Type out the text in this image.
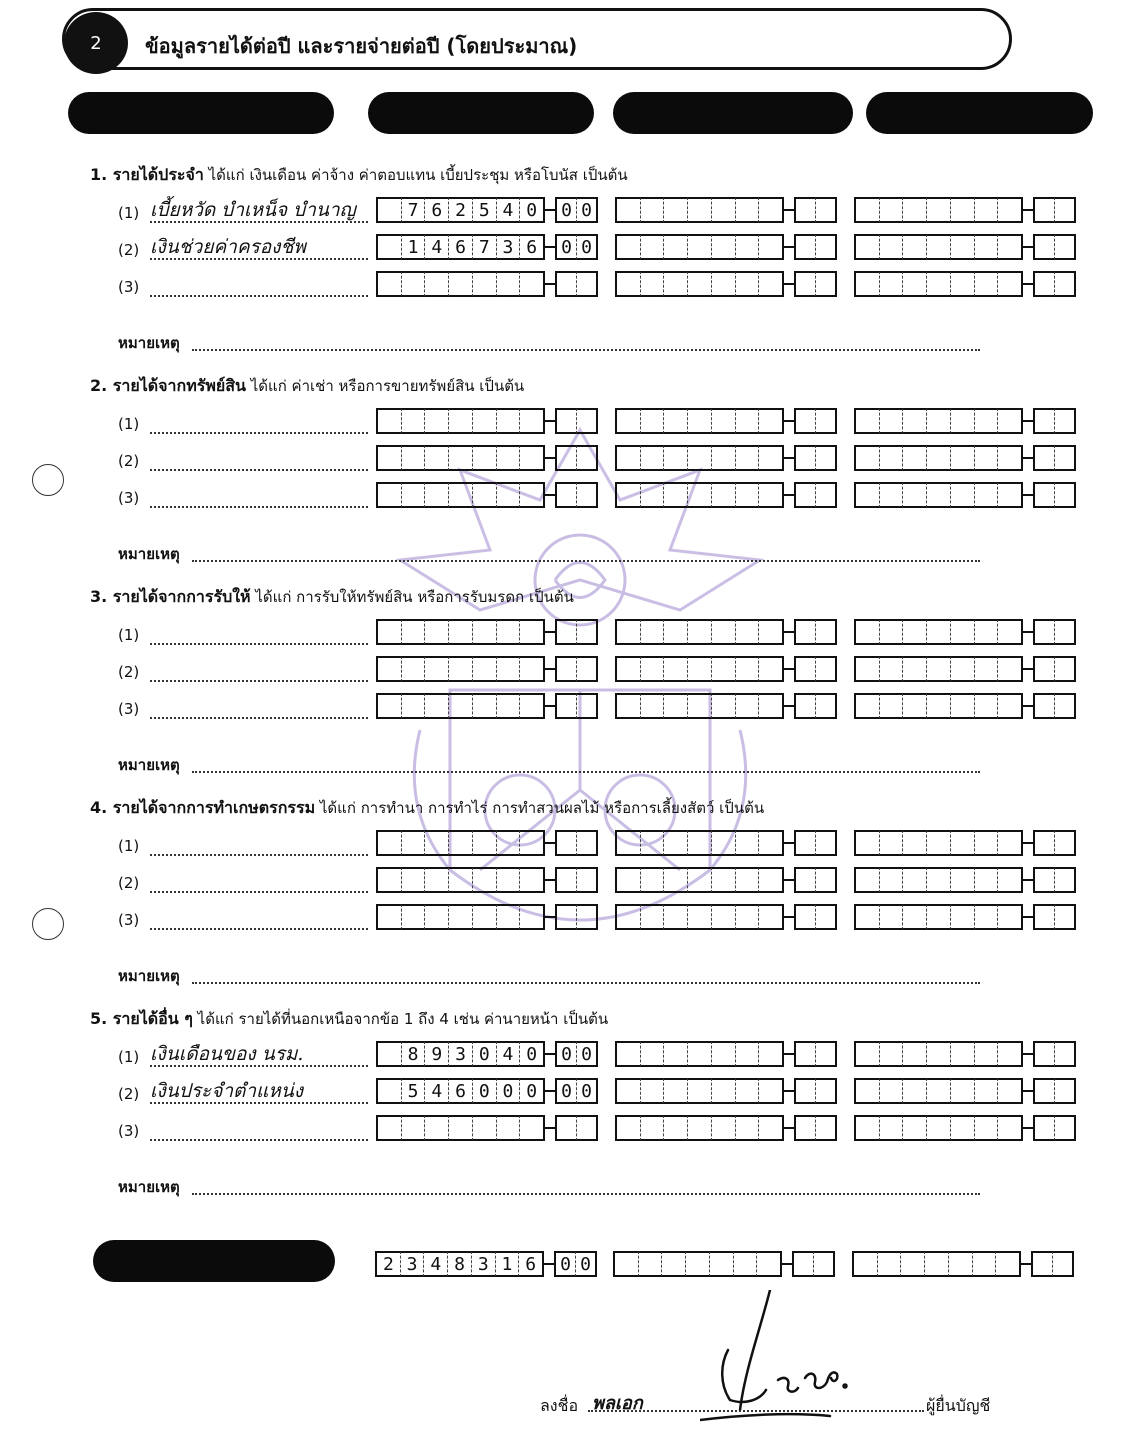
2	ข้อมูลรายได้ต่อปี และรายจ่ายต่อปี (โดยประมาณ)
1. รายได้ประจำ ได้แก่ เงินเดือน ค่าจ้าง ค่าตอบแทน เบี้ยประชุม หรือโบนัส เป็นต้น
(1) เบี้ยหวัด บำเหน็จ บำนาญ	7 6 2 5 4 0	0 0
(2) เงินช่วยค่าครองชีพ	1 4 6 7 3 6	0 0
(3)
หมายเหตุ
2. รายได้จากทรัพย์สิน ได้แก่ ค่าเช่า หรือการขายทรัพย์สิน เป็นต้น
(1)
(2)
(3)
หมายเหตุ
3. รายได้จากการรับให้ ได้แก่ การรับให้ทรัพย์สิน หรือการรับมรดก เป็นต้น
(1)
(2)
(3)
หมายเหตุ
4. รายได้จากการทำเกษตรกรรม ได้แก่ การทำนา การทำไร่ การทำสวนผลไม้ หรือการเลี้ยงสัตว์ เป็นต้น
(1)
(2)
(3)
หมายเหตุ
5. รายได้อื่น ๆ ได้แก่ รายได้ที่นอกเหนือจากข้อ 1 ถึง 4 เช่น ค่านายหน้า เป็นต้น
(1) เงินเดือนของ นรม.	8 9 3 0 4 0	0 0
(2) เงินประจำตำแหน่ง	5 4 6 0 0 0	0 0
(3)
หมายเหตุ
2 3 4 8 3 1 6	0 0
ลงชื่อ พลเอก	ผู้ยื่นบัญชี
